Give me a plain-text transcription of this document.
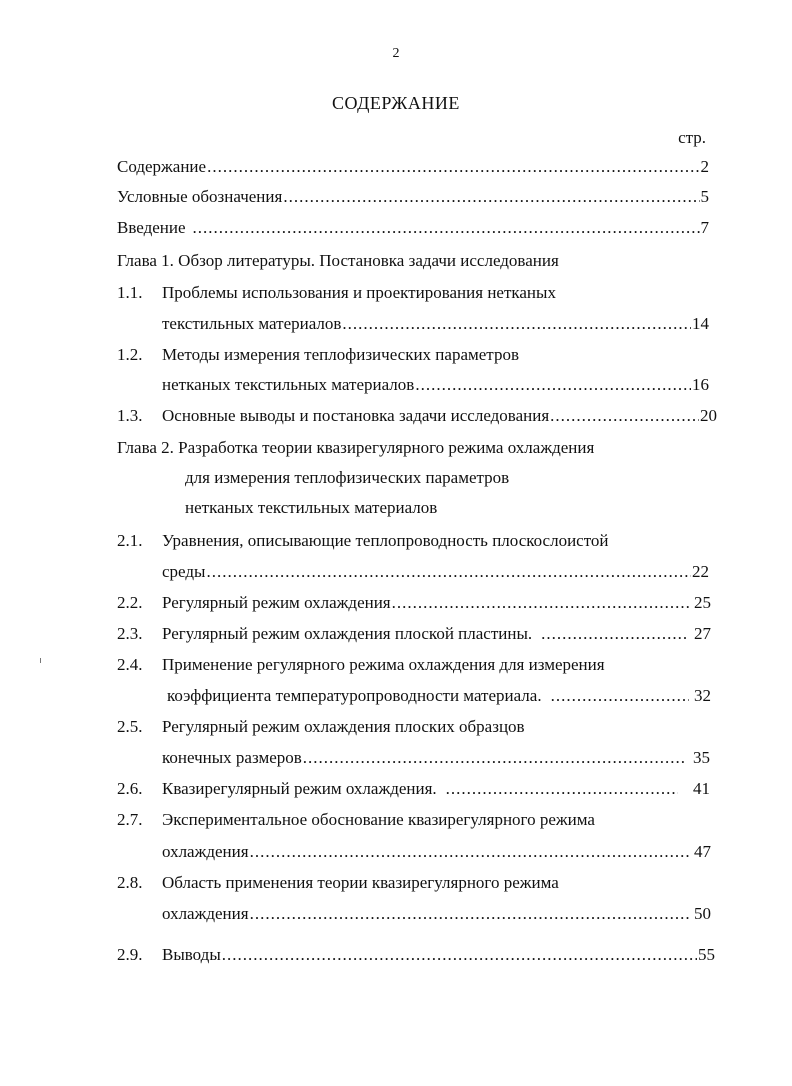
2
СОДЕРЖАНИЕ
стр.
Содержание .....	2
Условные обозначения .....	5
Введение .....	7
Глава 1. Обзор литературы. Постановка задачи исследования
1.1.	Проблемы использования и проектирования нетканых
текстильных материалов .....	14
1.2.	Методы измерения теплофизических параметров
нетканых текстильных материалов .....	16
1.3.	Основные выводы и постановка задачи исследования .....	20
Глава 2. Разработка теории квазирегулярного режима охлаждения
для измерения теплофизических параметров
нетканых текстильных материалов
2.1.	Уравнения, описывающие теплопроводность плоскослоистой
среды .....	22
2.2.	Регулярный режим охлаждения .....	25
2.3.	Регулярный режим охлаждения плоской пластины. .....	27
2.4.	Применение регулярного режима охлаждения для измерения
коэффициента температуропроводности материала. .....	32
2.5.	Регулярный режим охлаждения плоских образцов
конечных размеров .....	35
2.6.	Квазирегулярный режим охлаждения. .....	41
2.7.	Экспериментальное обоснование квазирегулярного режима
охлаждения .....	47
2.8.	Область применения теории квазирегулярного режима
охлаждения .....	50
2.9.	Выводы .....	55
